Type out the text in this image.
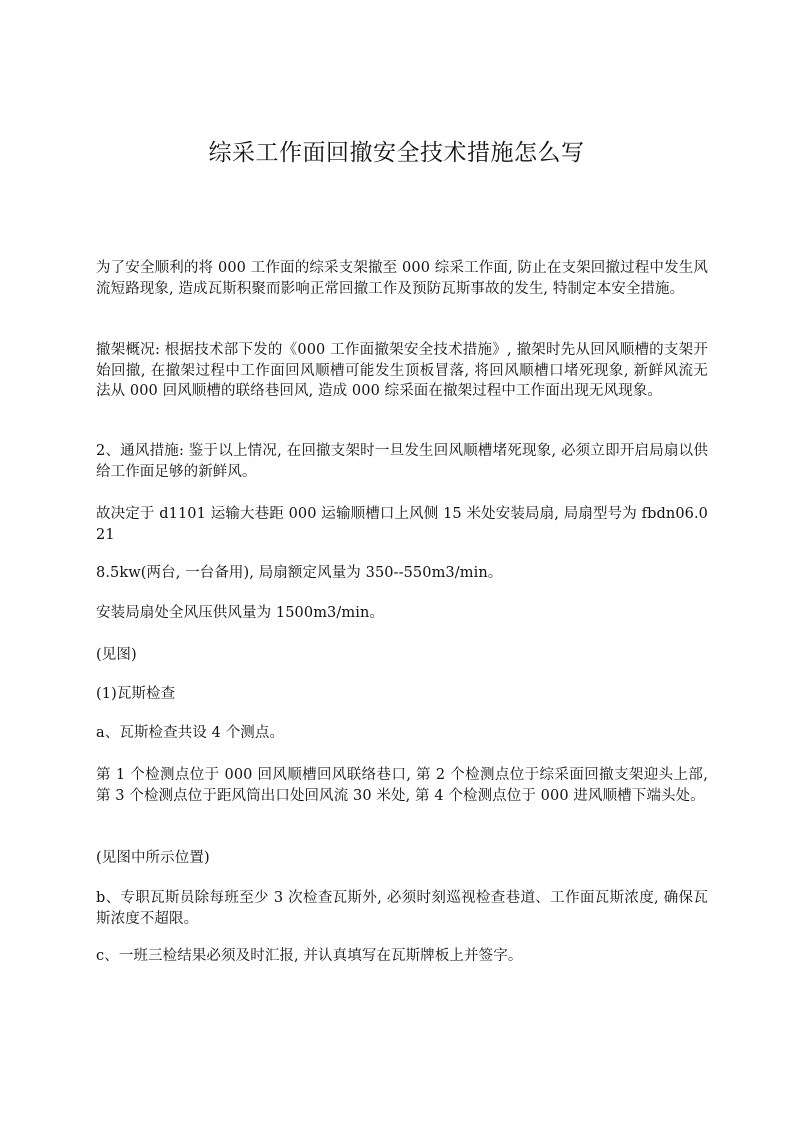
综采工作面回撤安全技术措施怎么写

为了安全顺利的将 000 工作面的综采支架撤至 000 综采工作面, 防止在支架回撤过程中发生风流短路现象, 造成瓦斯积聚而影响正常回撤工作及预防瓦斯事故的发生, 特制定本安全措施。

撤架概况: 根据技术部下发的《000 工作面撤架安全技术措施》, 撤架时先从回风顺槽的支架开始回撤, 在撤架过程中工作面回风顺槽可能发生顶板冒落, 将回风顺槽口堵死现象, 新鲜风流无法从 000 回风顺槽的联络巷回风, 造成 000 综采面在撤架过程中工作面出现无风现象。

2、通风措施: 鉴于以上情况, 在回撤支架时一旦发生回风顺槽堵死现象, 必须立即开启局扇以供给工作面足够的新鲜风。

故决定于 d1101 运输大巷距 000 运输顺槽口上风侧 15 米处安装局扇, 局扇型号为 fbdn06.0 21

8.5kw(两台, 一台备用), 局扇额定风量为 350--550m3/min。

安装局扇处全风压供风量为 1500m3/min。

(见图)

(1)瓦斯检查

a、瓦斯检查共设 4 个测点。

第 1 个检测点位于 000 回风顺槽回风联络巷口, 第 2 个检测点位于综采面回撤支架迎头上部, 第 3 个检测点位于距风筒出口处回风流 30 米处, 第 4 个检测点位于 000 进风顺槽下端头处。

(见图中所示位置)

b、专职瓦斯员除每班至少 3 次检查瓦斯外, 必须时刻巡视检查巷道、工作面瓦斯浓度, 确保瓦斯浓度不超限。

c、一班三检结果必须及时汇报, 并认真填写在瓦斯牌板上并签字。
